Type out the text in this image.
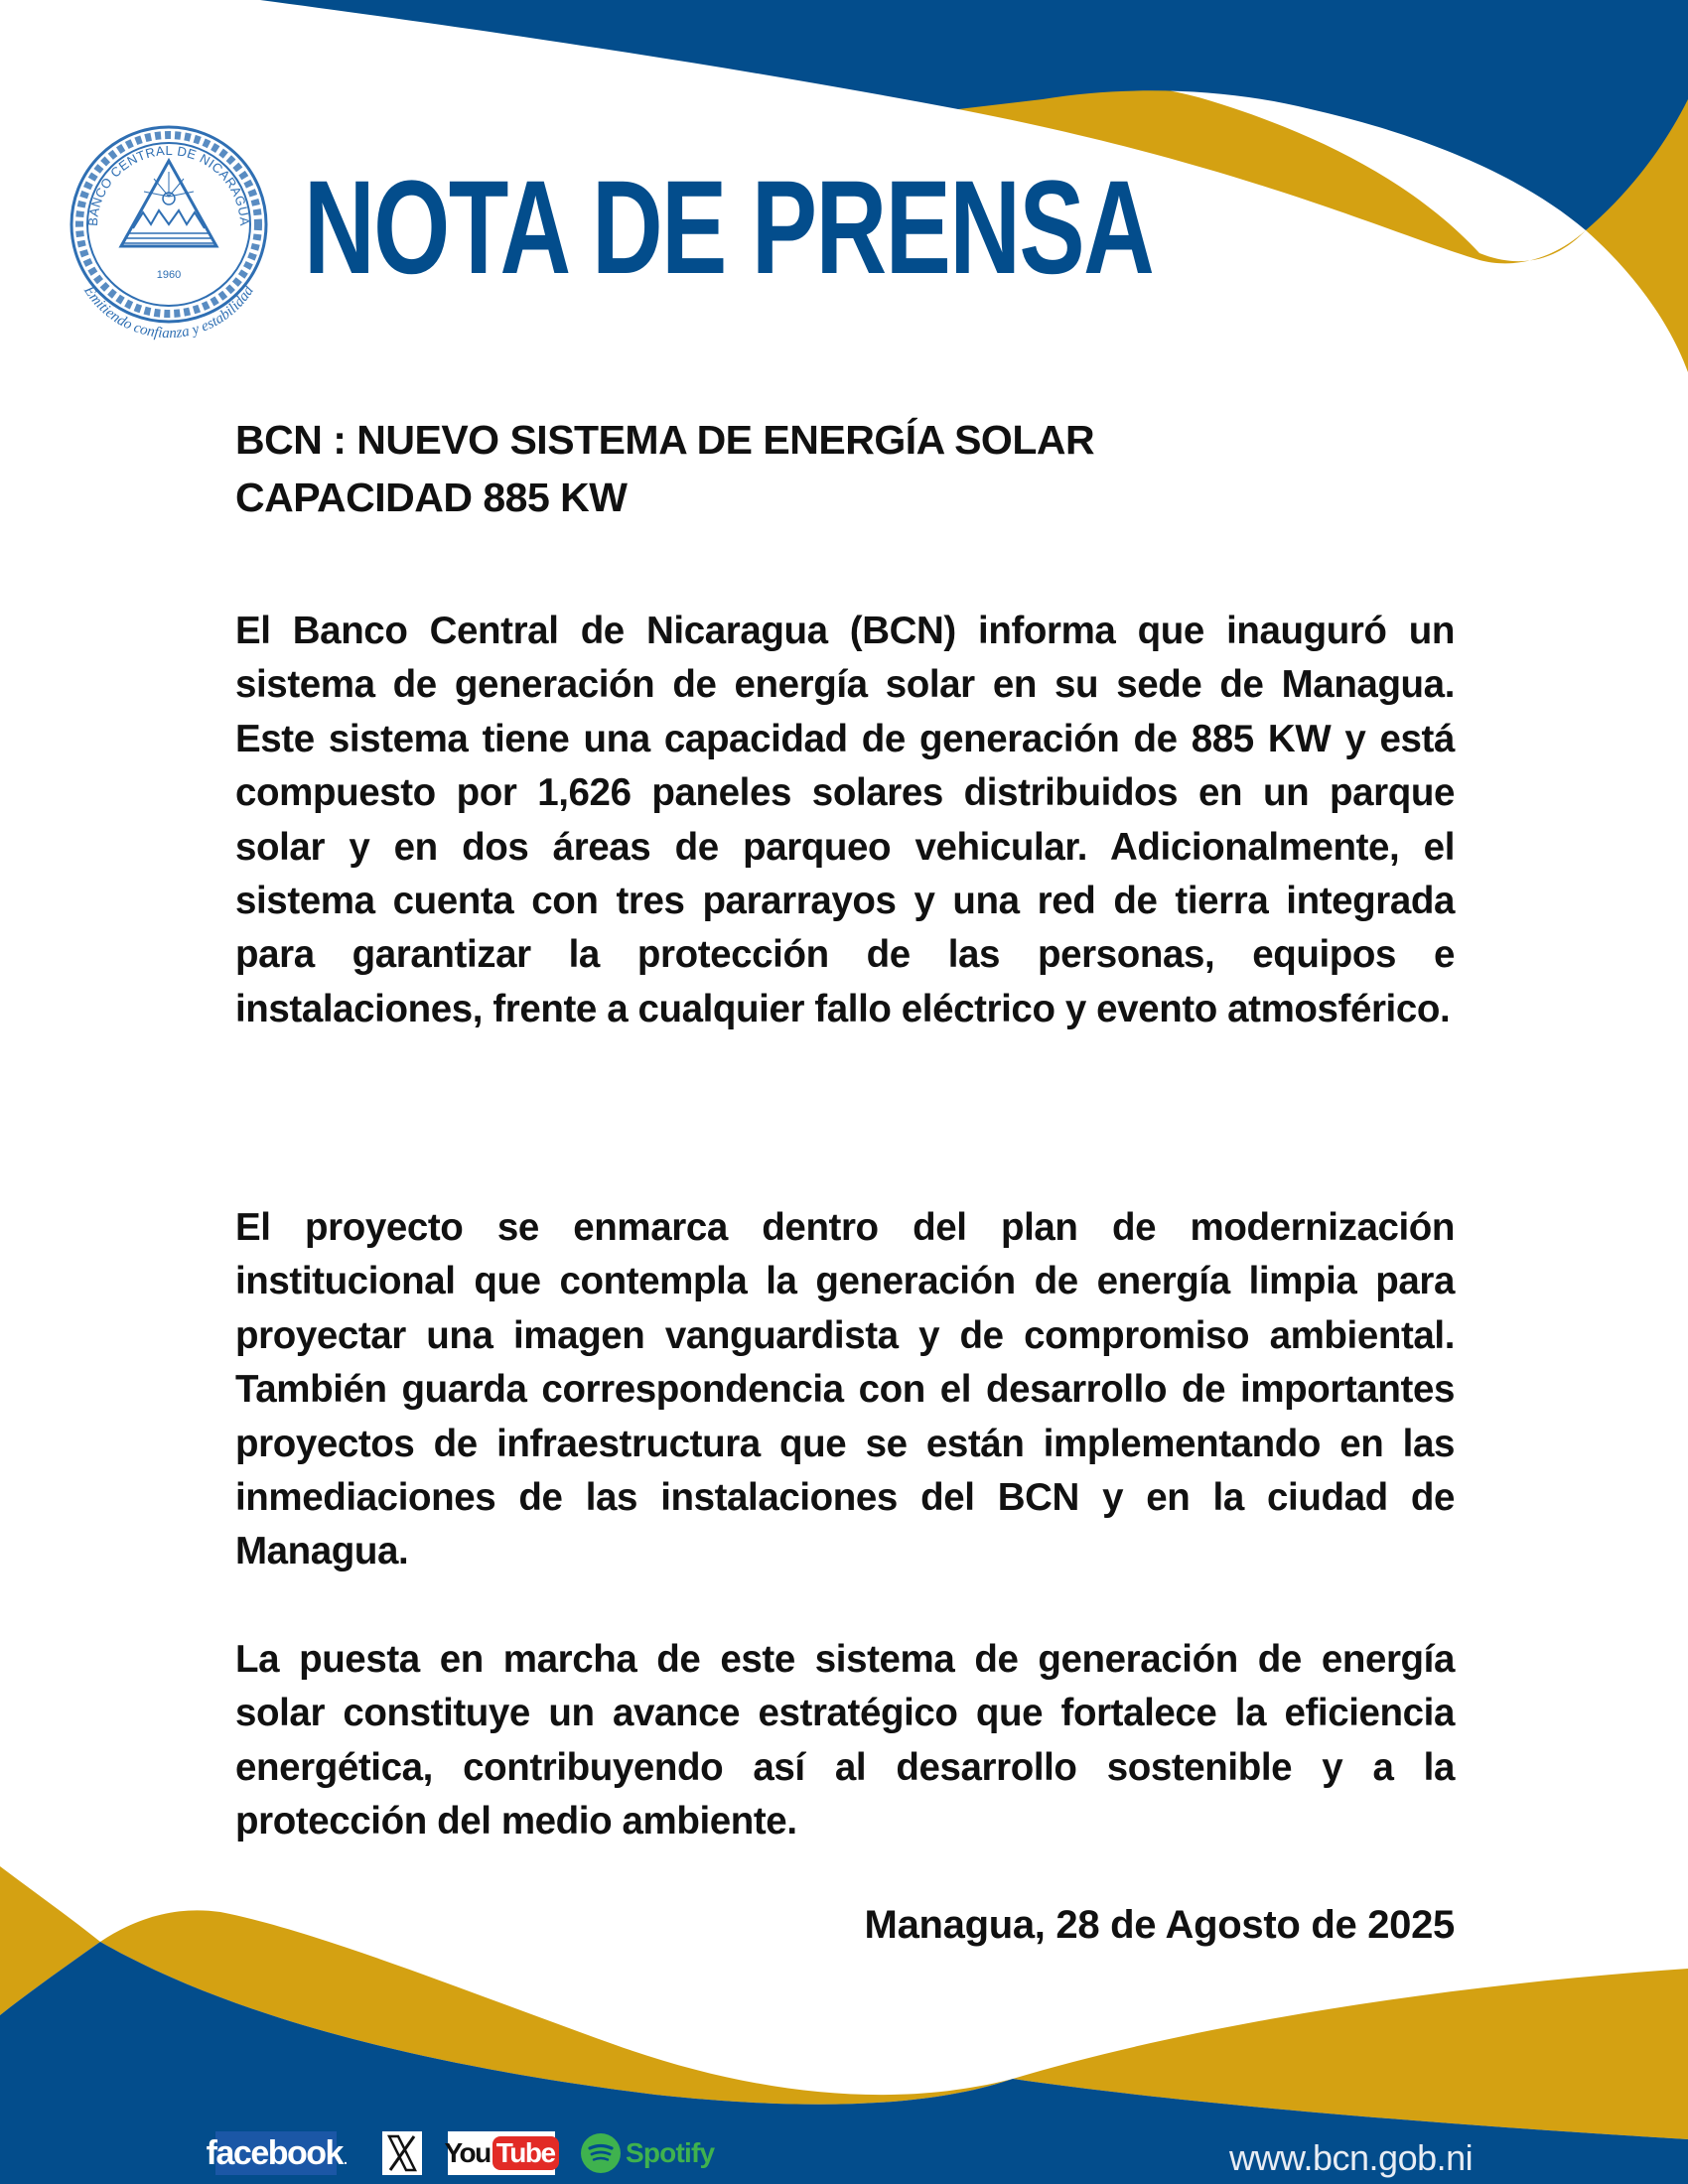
BANCO CENTRAL DE NICARAGUA
1960
Emitiendo confianza y estabilidad NOTA DE PRENSA
BCN : NUEVO SISTEMA DE ENERGÍA SOLAR
CAPACIDAD 885 KW

El Banco Central de Nicaragua (BCN) informa que inauguró un sistema de generación de energía solar en su sede de Managua. Este sistema tiene una capacidad de generación de 885 KW y está compuesto por 1,626 paneles solares distribuidos en un parque solar y en dos áreas de parqueo vehicular. Adicionalmente, el sistema cuenta con tres pararrayos y una red de tierra integrada para garantizar la protección de las personas, equipos e instalaciones, frente a cualquier fallo eléctrico y evento atmosférico.

El proyecto se enmarca dentro del plan de modernización institucional que contempla la generación de energía limpia para proyectar una imagen vanguardista y de compromiso ambiental. También guarda correspondencia con el desarrollo de importantes proyectos de infraestructura que se están implementando en las inmediaciones de las instalaciones del BCN y en la ciudad de Managua.

La puesta en marcha de este sistema de generación de energía solar constituye un avance estratégico que fortalece la eficiencia energética, contribuyendo así al desarrollo sostenible y a la protección del medio ambiente.

Managua, 28 de Agosto de 2025
facebook .	You Tube	Spotify	www.bcn.gob.ni
